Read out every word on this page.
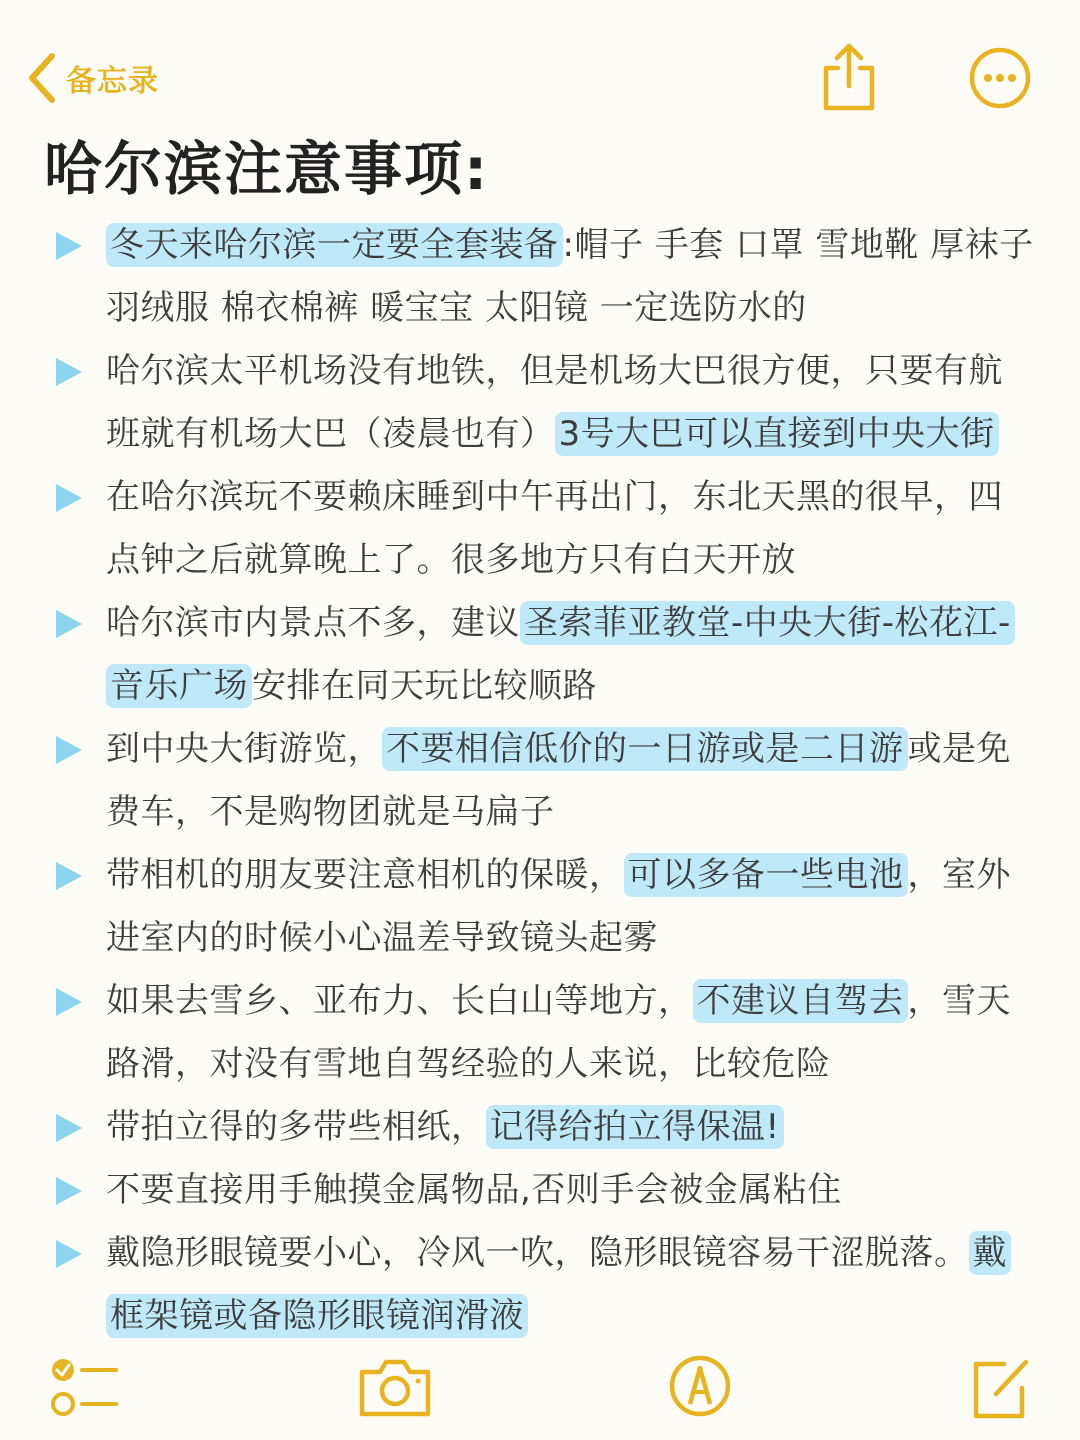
备忘录
哈尔滨注意事项:
冬天来哈尔滨一定要全套装备 :帽子 手套 口罩 雪地靴 厚袜子 羽绒服 棉衣棉裤 暖宝宝 太阳镜 一定选防水的
哈尔滨太平机场没有地铁，但是机场大巴很方便，只要有航班就有机场大巴（凌晨也有） 3号大巴可以直接到中央大街
在哈尔滨玩不要赖床睡到中午再出门，东北天黑的很早，四点钟之后就算晚上了。很多地方只有白天开放
哈尔滨市内景点不多，建议 圣索菲亚教堂-中央大街-松花江-音乐广场 安排在同天玩比较顺路
到中央大街游览， 不要相信低价的一日游或是二日游 或是免费车，不是购物团就是马扁子
带相机的朋友要注意相机的保暖， 可以多备一些电池 ，室外进室内的时候小心温差导致镜头起雾
如果去雪乡、亚布力、长白山等地方， 不建议自驾去 ，雪天路滑，对没有雪地自驾经验的人来说，比较危险
带拍立得的多带些相纸， 记得给拍立得保温!
不要直接用手触摸金属物品,否则手会被金属粘住
戴隐形眼镜要小心，冷风一吹，隐形眼镜容易干涩脱落。 戴框架镜或备隐形眼镜润滑液
